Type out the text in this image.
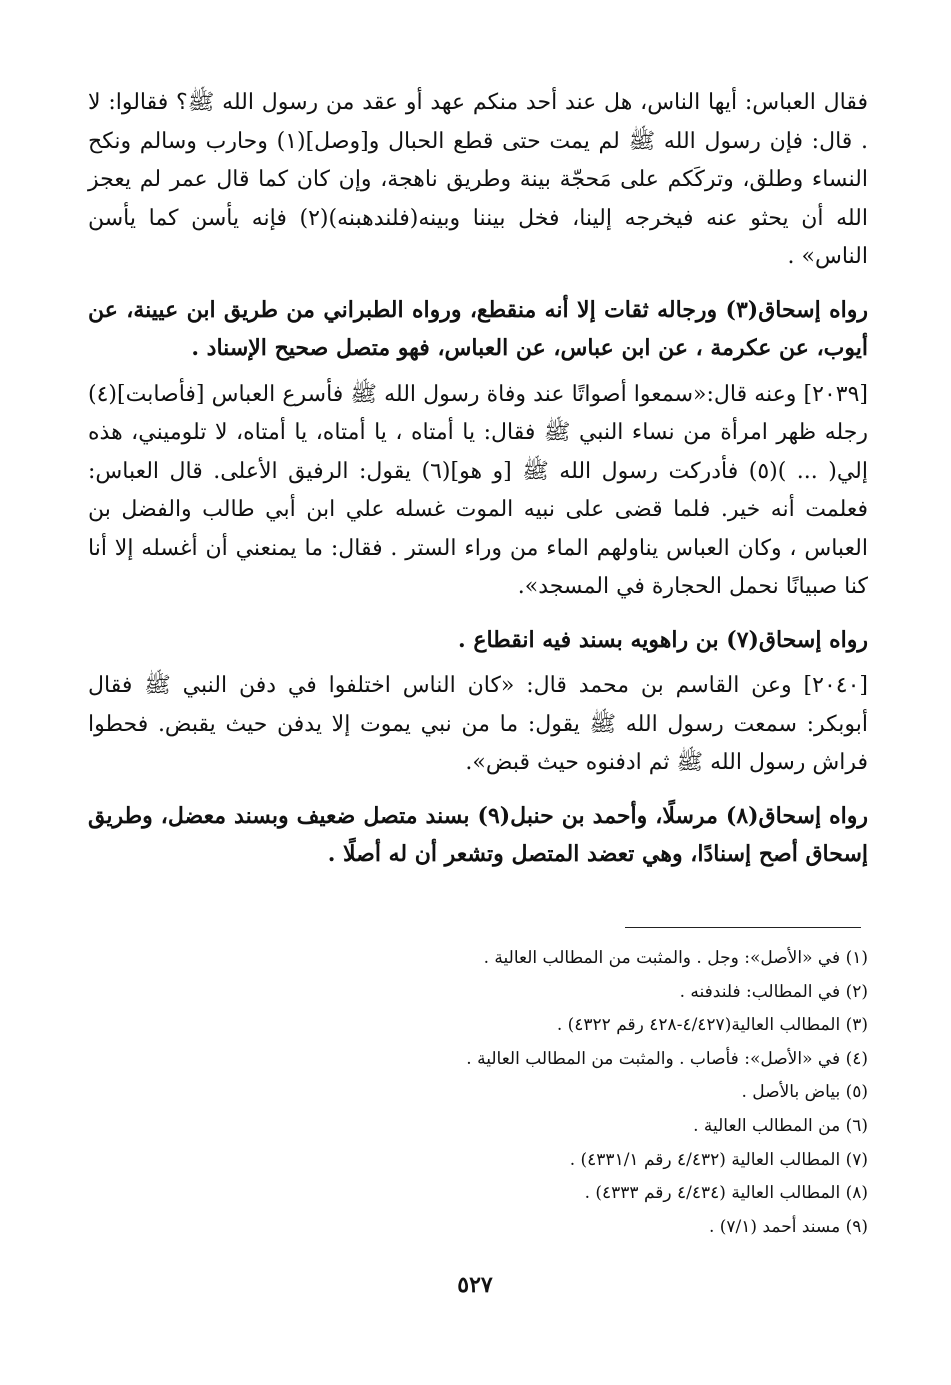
فقال العباس: أيها الناس، هل عند أحد منكم عهد أو عقد من رسول الله ﷺ؟ فقالوا: لا . قال: فإن رسول الله ﷺ لم يمت حتى قطع الحبال و[وصل](١) وحارب وسالم ونكح النساء وطلق، وتركَكم على مَحجّة بينة وطريق ناهجة، وإن كان كما قال عمر لم يعجز الله أن يحثو عنه فيخرجه إلينا، فخل بيننا وبينه(فلندهبنه)(٢) فإنه يأسن كما يأسن الناس» .

رواه إسحاق(٣) ورجاله ثقات إلا أنه منقطع، ورواه الطبراني من طريق ابن عيينة، عن أيوب، عن عكرمة ، عن ابن عباس، عن العباس، فهو متصل صحيح الإسناد .

[٢٠٣٩] وعنه قال:«سمعوا أصواتًا عند وفاة رسول الله ﷺ فأسرع العباس [فأصابت](٤) رجله ظهر امرأة من نساء النبي ﷺ فقال: يا أمتاه ، يا أمتاه، يا أمتاه، لا تلوميني، هذه إلي( ... )(٥) فأدركت رسول الله ﷺ [و هو](٦) يقول: الرفيق الأعلى. قال العباس: فعلمت أنه خير. فلما قضى على نبيه الموت غسله علي ابن أبي طالب والفضل بن العباس ، وكان العباس يناولهم الماء من وراء الستر . فقال: ما يمنعني أن أغسله إلا أنا كنا صبيانًا نحمل الحجارة في المسجد».

رواه إسحاق(٧) بن راهويه بسند فيه انقطاع .

[٢٠٤٠] وعن القاسم بن محمد قال: «كان الناس اختلفوا في دفن النبي ﷺ فقال أبوبكر: سمعت رسول الله ﷺ يقول: ما من نبي يموت إلا يدفن حيث يقبض. فحطوا فراش رسول الله ﷺ ثم ادفنوه حيث قبض».

رواه إسحاق(٨) مرسلًا، وأحمد بن حنبل(٩) بسند متصل ضعيف وبسند معضل، وطريق إسحاق أصح إسنادًا، وهي تعضد المتصل وتشعر أن له أصلًا .

(١) في «الأصل»: وجل . والمثبت من المطالب العالية .

(٢) في المطالب: فلندفنه .

(٣) المطالب العالية(٤/٤٢٧-٤٢٨ رقم ٤٣٢٢) .

(٤) في «الأصل»: فأصاب . والمثبت من المطالب العالية .

(٥) بياض بالأصل .

(٦) من المطالب العالية .

(٧) المطالب العالية (٤/٤٣٢ رقم ٤٣٣١/١) .

(٨) المطالب العالية (٤/٤٣٤ رقم ٤٣٣٣) .

(٩) مسند أحمد (٧/١) .

٥٢٧
